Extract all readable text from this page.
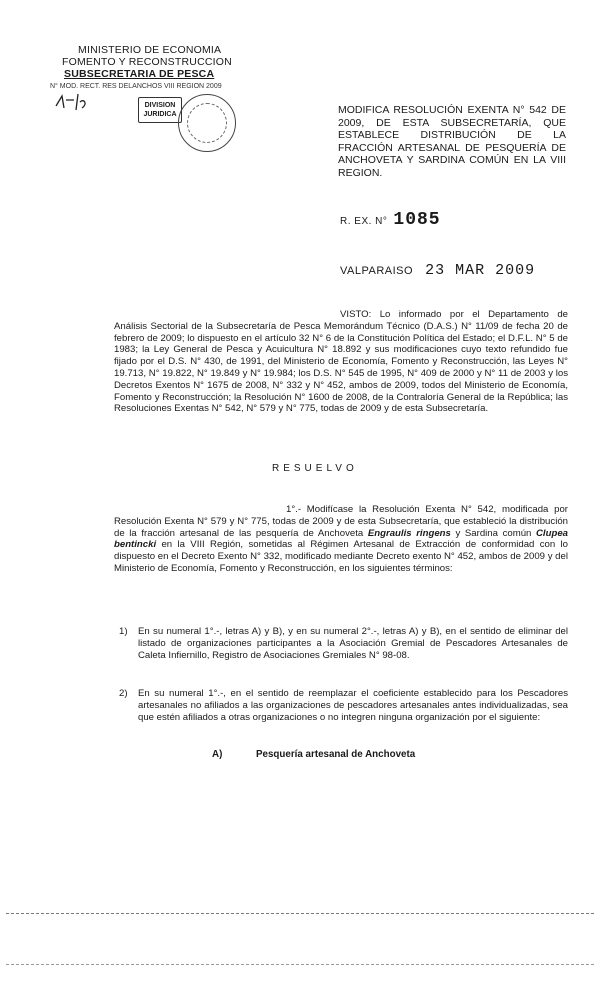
MINISTERIO DE ECONOMIA
FOMENTO Y RECONSTRUCCION
SUBSECRETARIA DE PESCA
N° MOD. RECT. RES DELANCHOS VIII REGION 2009
DIVISION JURIDICA	MODIFICA RESOLUCIÓN EXENTA N° 542 DE 2009, DE ESTA SUBSECRETARÍA, QUE ESTABLECE DISTRIBUCIÓN DE LA FRACCIÓN ARTESANAL DE PESQUERÍA DE ANCHOVETA Y SARDINA COMÚN EN LA VIII REGION.
R. EX. N° 1085
VALPARAISO 23 MAR 2009
VISTO: Lo informado por el Departamento de Análisis Sectorial de la Subsecretaría de Pesca Memorándum Técnico (D.A.S.) N° 11/09 de fecha 20 de febrero de 2009; lo dispuesto en el artículo 32 N° 6 de la Constitución Política del Estado; el D.F.L. N° 5 de 1983; la Ley General de Pesca y Acuicultura N° 18.892 y sus modificaciones cuyo texto refundido fue fijado por el D.S. N° 430, de 1991, del Ministerio de Economía, Fomento y Reconstrucción, las Leyes N° 19.713, N° 19.822, N° 19.849 y N° 19.984; los D.S. N° 545 de 1995, N° 409 de 2000 y N° 11 de 2003 y los Decretos Exentos N° 1675 de 2008, N° 332 y N° 452, ambos de 2009, todos del Ministerio de Economía, Fomento y Reconstrucción; la Resolución N° 1600 de 2008, de la Contraloría General de la República; las Resoluciones Exentas N° 542, N° 579 y N° 775, todas de 2009 y de esta Subsecretaría.
RESUELVO
1°.- Modifícase la Resolución Exenta N° 542, modificada por Resolución Exenta N° 579 y N° 775, todas de 2009 y de esta Subsecretaría, que estableció la distribución de la fracción artesanal de las pesquería de Anchoveta Engraulis ringens y Sardina común Clupea bentincki en la VIII Región, sometidas al Régimen Artesanal de Extracción de conformidad con lo dispuesto en el Decreto Exento N° 332, modificado mediante Decreto exento N° 452, ambos de 2009 y del Ministerio de Economía, Fomento y Reconstrucción, en los siguientes términos:
1) En su numeral 1°.-, letras A) y B), y en su numeral 2°.-, letras A) y B), en el sentido de eliminar del listado de organizaciones participantes a la Asociación Gremial de Pescadores Artesanales de Caleta Infiernillo, Registro de Asociaciones Gremiales N° 98-08.
2) En su numeral 1°.-, en el sentido de reemplazar el coeficiente establecido para los Pescadores artesanales no afiliados a las organizaciones de pescadores artesanales antes individualizadas, sea que estén afiliados a otras organizaciones o no integren ninguna organización por el siguiente:
A)	Pesquería artesanal de Anchoveta
